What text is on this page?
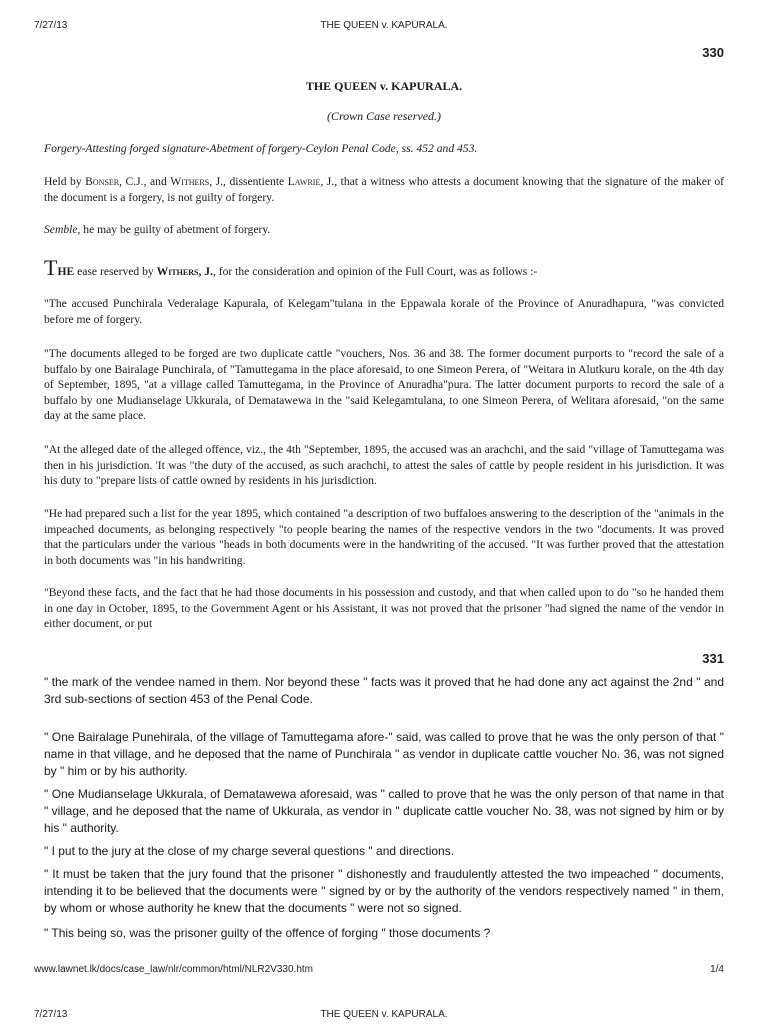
7/27/13	THE QUEEN v. KAPURALA.
330
THE QUEEN v. KAPURALA.
(Crown Case reserved.)

Forgery-Attesting forged signature-Abetment of forgery-Ceylon Penal Code, ss. 452 and 453.

Held by Bonser, C.J., and Withers, J., dissentiente Lawrie, J., that a witness who attests a document knowing that the signature of the maker of the document is a forgery, is not guilty of forgery.

Semble, he may be guilty of abetment of forgery.

THE ease reserved by Withers, J., for the consideration and opinion of the Full Court, was as follows :-

"The accused Punchirala Vederalage Kapurala, of Kelegam"tulana in the Eppawala korale of the Province of Anuradhapura, "was convicted before me of forgery.

"The documents alleged to be forged are two duplicate cattle "vouchers, Nos. 36 and 38. The former document purports to "record the sale of a buffalo by one Bairalage Punchirala, of "Tamuttegama in the place aforesaid, to one Simeon Perera, of "Weitara in Alutkuru korale, on the 4th day of September, 1895, "at a village called Tamuttegama, in the Province of Anuradha"pura. The latter document purports to record the sale of a buffalo by one Mudianselage Ukkurala, of Dematawewa in the "said Kelegamtulana, to one Simeon Perera, of Welitara aforesaid, "on the same day at the same place.

"At the alleged date of the alleged offence, viz., the 4th "September, 1895, the accused was an arachchi, and the said "village of Tamuttegama was then in his jurisdiction. 'It was "the duty of the accused, as such arachchi, to attest the sales of cattle by people resident in his jurisdiction. It was his duty to "prepare lists of cattle owned by residents in his jurisdiction.

"He had prepared such a list for the year 1895, which contained "a description of two buffaloes answering to the description of the "animals in the impeached documents, as belonging respectively "to people bearing the names of the respective vendors in the two "documents. It was proved that the particulars under the various "heads in both documents were in the handwriting of the accused. "It was further proved that the attestation in both documents was "in his handwriting.

"Beyond these facts, and the fact that he had those documents in his possession and custody, and that when called upon to do "so he handed them in one day in October, 1895, to the Government Agent or his Assistant, it was not proved that the prisoner "had signed the name of the vendor in either document, or put

331

" the mark of the vendee named in them. Nor beyond these " facts was it proved that he had done any act against the 2nd " and 3rd sub-sections of section 453 of the Penal Code.

" One Bairalage Punehirala, of the village of Tamuttegama afore-" said, was called to prove that he was the only person of that " name in that village, and he deposed that the name of Punchirala " as vendor in duplicate cattle voucher No. 36, was not signed by " him or by his authority.

" One Mudianselage Ukkurala, of Dematawewa aforesaid, was " called to prove that he was the only person of that name in that " village, and he deposed that the name of Ukkurala, as vendor in " duplicate cattle voucher No. 38, was not signed by him or by his " authority.

" I put to the jury at the close of my charge several questions " and directions.

" It must be taken that the jury found that the prisoner " dishonestly and fraudulently attested the two impeached " documents, intending it to be believed that the documents were " signed by or by the authority of the vendors respectively named " in them, by whom or whose authority he knew that the documents " were not so signed.

" This being so, was the prisoner guilty of the offence of forging " those documents ?

www.lawnet.lk/docs/case_law/nlr/common/html/NLR2V330.htm	1/4
7/27/13	THE QUEEN v. KAPURALA.
